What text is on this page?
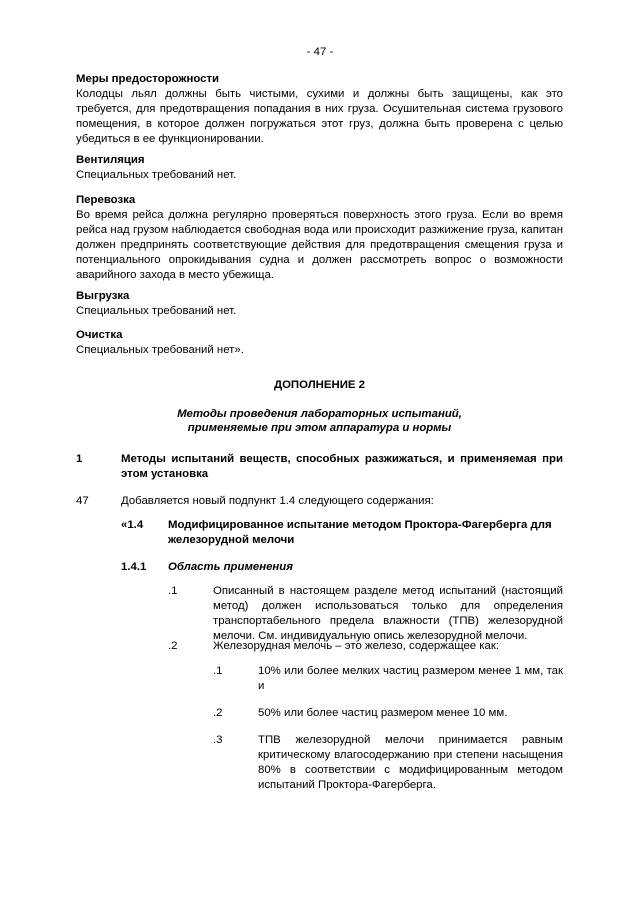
- 47 -
Меры предосторожности

Колодцы льял должны быть чистыми, сухими и должны быть защищены, как это требуется, для предотвращения попадания в них груза. Осушительная система грузового помещения, в которое должен погружаться этот груз, должна быть проверена с целью убедиться в ее функционировании.

Вентиляция

Специальных требований нет.

Перевозка

Во время рейса должна регулярно проверяться поверхность этого груза. Если во время рейса над грузом наблюдается свободная вода или происходит разжижение груза, капитан должен предпринять соответствующие действия для предотвращения смещения груза и потенциального опрокидывания судна и должен рассмотреть вопрос о возможности аварийного захода в место убежища.

Выгрузка

Специальных требований нет.

Очистка

Специальных требований нет».

ДОПОЛНЕНИЕ 2
Методы проведения лабораторных испытаний,
применяемые при этом аппаратура и нормы
1	Методы испытаний веществ, способных разжижаться, и применяемая при этом установка

47	Добавляется новый подпункт 1.4 следующего содержания:

«1.4 Модифицированное испытание методом Проктора-Фагерберга для железорудной мелочи

1.4.1 Область применения
.1	Описанный в настоящем разделе метод испытаний (настоящий метод) должен использоваться только для определения транспортабельного предела влажности (ТПВ) железорудной мелочи. См. индивидуальную опись железорудной мелочи.

.2	Железорудная мелочь – это железо, содержащее как:

.1	10% или более мелких частиц размером менее 1 мм, так и

.2	50% или более частиц размером менее 10 мм.

.3	ТПВ железорудной мелочи принимается равным критическому влагосодержанию при степени насыщения 80% в соответствии с модифицированным методом испытаний Проктора-Фагерберга.
